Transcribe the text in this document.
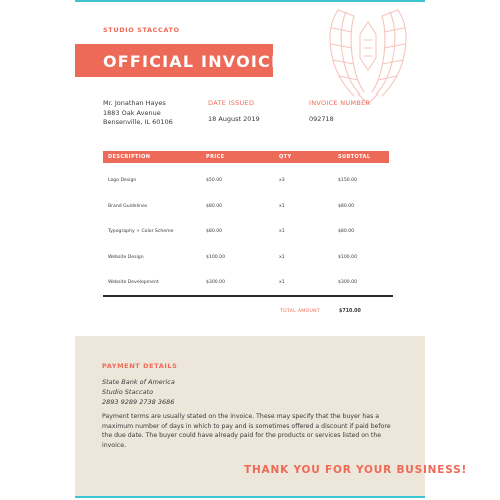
STUDIO STACCATO
OFFICIAL INVOICE
Mr. Jonathan Hayes
1883 Oak Avenue
Bensenville, IL 60106
DATE ISSUED
18 August 2019
INVOICE NUMBER
092718
DESCRIPTION	PRICE	QTY	SUBTOTAL
Logo Design	$50.00	x3	$150.00
Brand Guidelines	$80.00	x1	$80.00
Typography + Color Scheme	$80.00	x1	$80.00
Website Design	$100.00	x1	$100.00
Website Development	$300.00	x1	$300.00
TOTAL AMOUNT	$710.00
PAYMENT DETAILS
State Bank of America
Studio Staccato
2893 9289 2738 3686
Payment terms are usually stated on the invoice. These may specify that the buyer has a maximum number of days in which to pay and is sometimes offered a discount if paid before the due date. The buyer could have already paid for the products or services listed on the invoice.
THANK YOU FOR YOUR BUSINESS!
